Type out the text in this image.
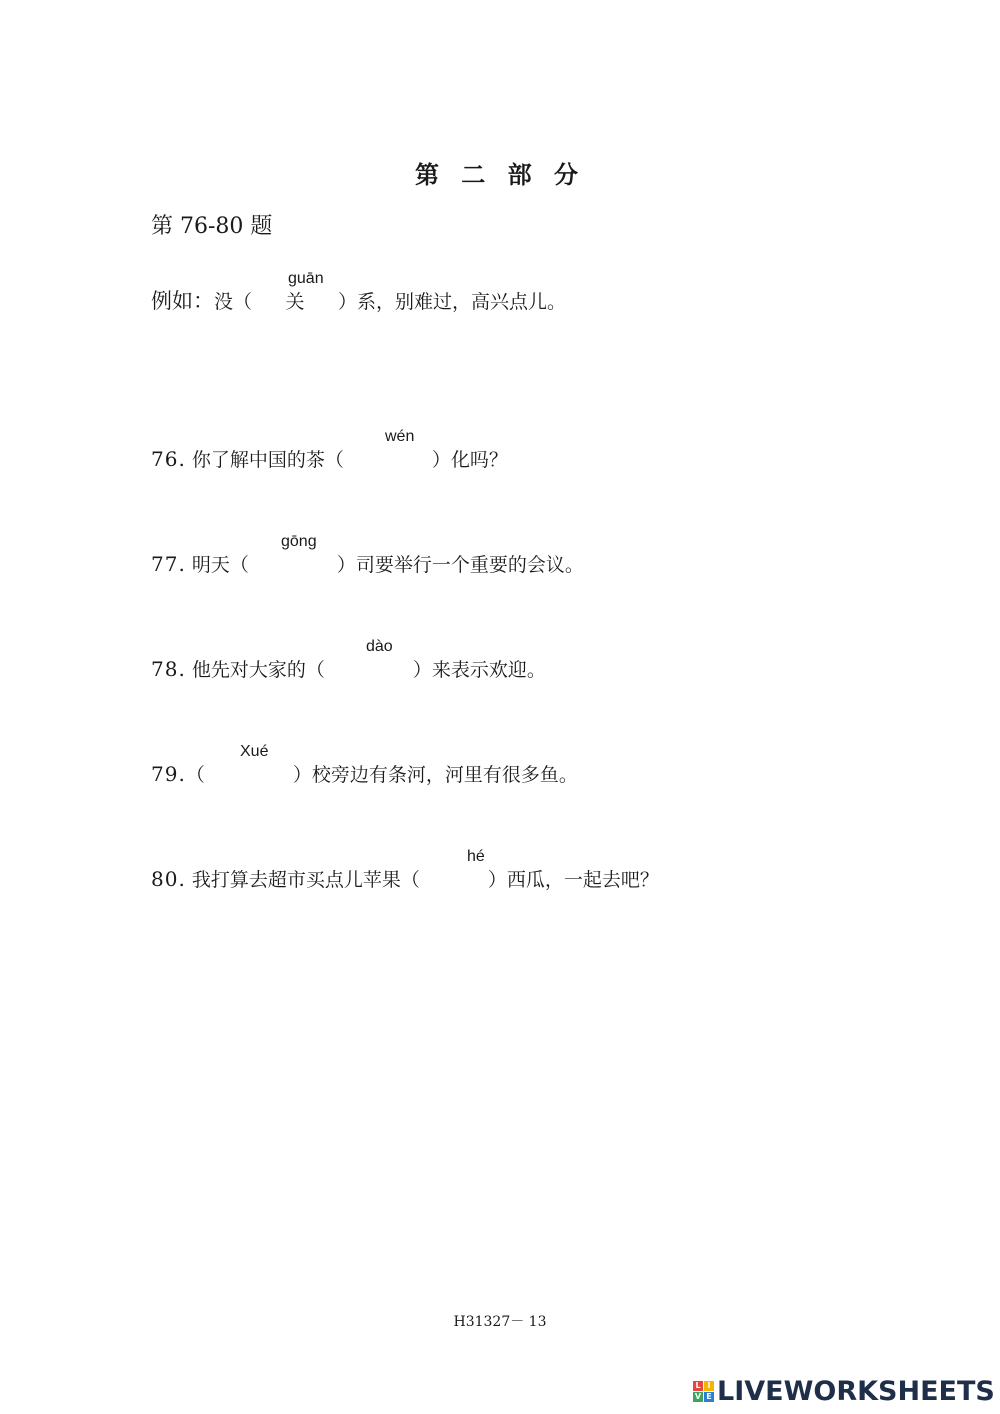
第 二 部 分
第 76-80 题
guān
例如：没（ 关 ）系，别难过，高兴点儿。
wén
76. 你了解中国的茶（	）化吗？
gōng
77. 明天（	）司要举行一个重要的会议。
dào
78. 他先对大家的（	）来表示欢迎。
Xué
79.（	）校旁边有条河，河里有很多鱼。
hé
80. 我打算去超市买点儿苹果（	）西瓜，一起去吧？
H31327－ 13
L I
V E LIVEWORKSHEETS
